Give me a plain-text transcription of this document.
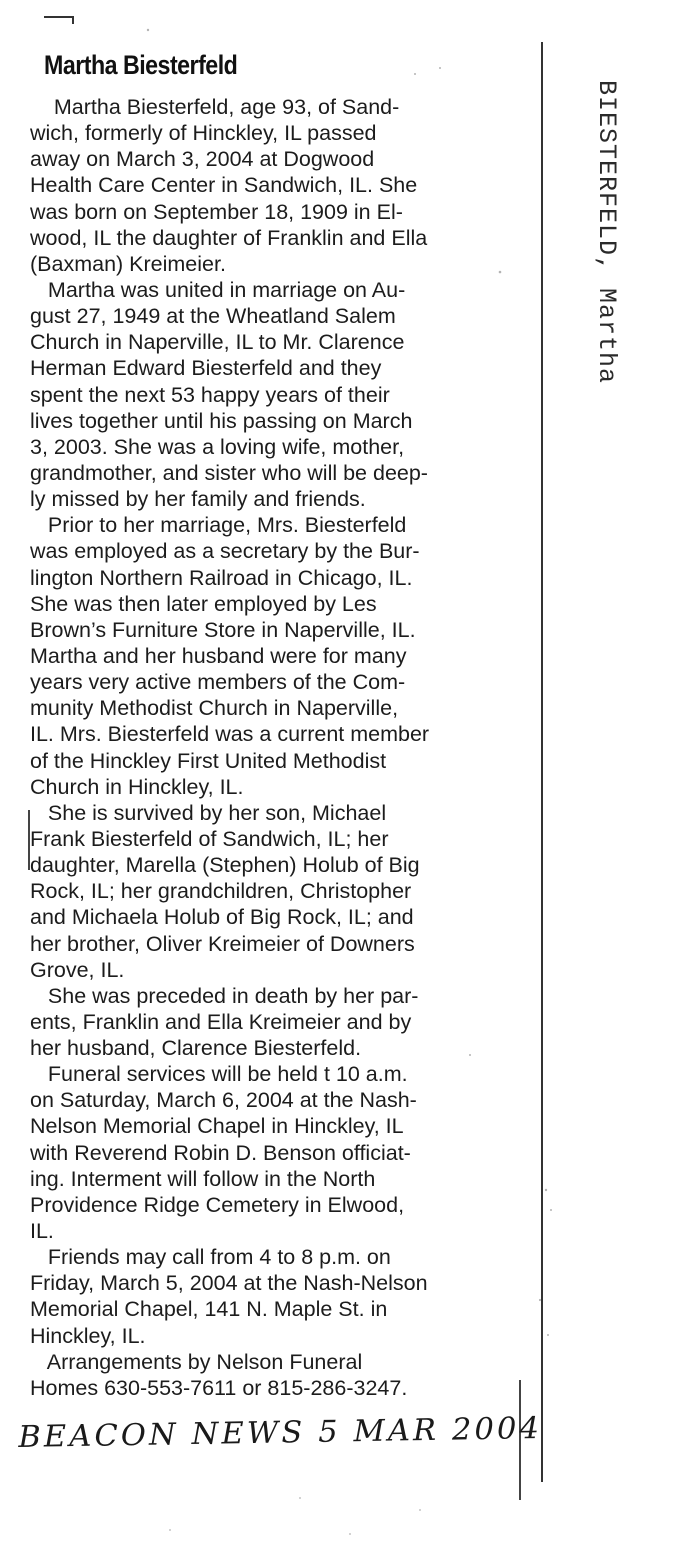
Martha Biesterfeld
Martha Biesterfeld, age 93, of Sand-
wich, formerly of Hinckley, IL passed
away on March 3, 2004 at Dogwood
Health Care Center in Sandwich, IL. She
was born on September 18, 1909 in El-
wood, IL the daughter of Franklin and Ella
(Baxman) Kreimeier.
Martha was united in marriage on Au-
gust 27, 1949 at the Wheatland Salem
Church in Naperville, IL to Mr. Clarence
Herman Edward Biesterfeld and they
spent the next 53 happy years of their
lives together until his passing on March
3, 2003. She was a loving wife, mother,
grandmother, and sister who will be deep-
ly missed by her family and friends.
Prior to her marriage, Mrs. Biesterfeld
was employed as a secretary by the Bur-
lington Northern Railroad in Chicago, IL.
She was then later employed by Les
Brown’s Furniture Store in Naperville, IL.
Martha and her husband were for many
years very active members of the Com-
munity Methodist Church in Naperville,
IL. Mrs. Biesterfeld was a current member
of the Hinckley First United Methodist
Church in Hinckley, IL.
She is survived by her son, Michael
Frank Biesterfeld of Sandwich, IL; her
daughter, Marella (Stephen) Holub of Big
Rock, IL; her grandchildren, Christopher
and Michaela Holub of Big Rock, IL; and
her brother, Oliver Kreimeier of Downers
Grove, IL.
She was preceded in death by her par-
ents, Franklin and Ella Kreimeier and by
her husband, Clarence Biesterfeld.
Funeral services will be held t 10 a.m.
on Saturday, March 6, 2004 at the Nash-
Nelson Memorial Chapel in Hinckley, IL
with Reverend Robin D. Benson officiat-
ing. Interment will follow in the North
Providence Ridge Cemetery in Elwood,
IL.
Friends may call from 4 to 8 p.m. on
Friday, March 5, 2004 at the Nash-Nelson
Memorial Chapel, 141 N. Maple St. in
Hinckley, IL.
Arrangements by Nelson Funeral
Homes 630-553-7611 or 815-286-3247.
BEACON NEWS 5 MAR 2004
BIESTERFELD, Martha
